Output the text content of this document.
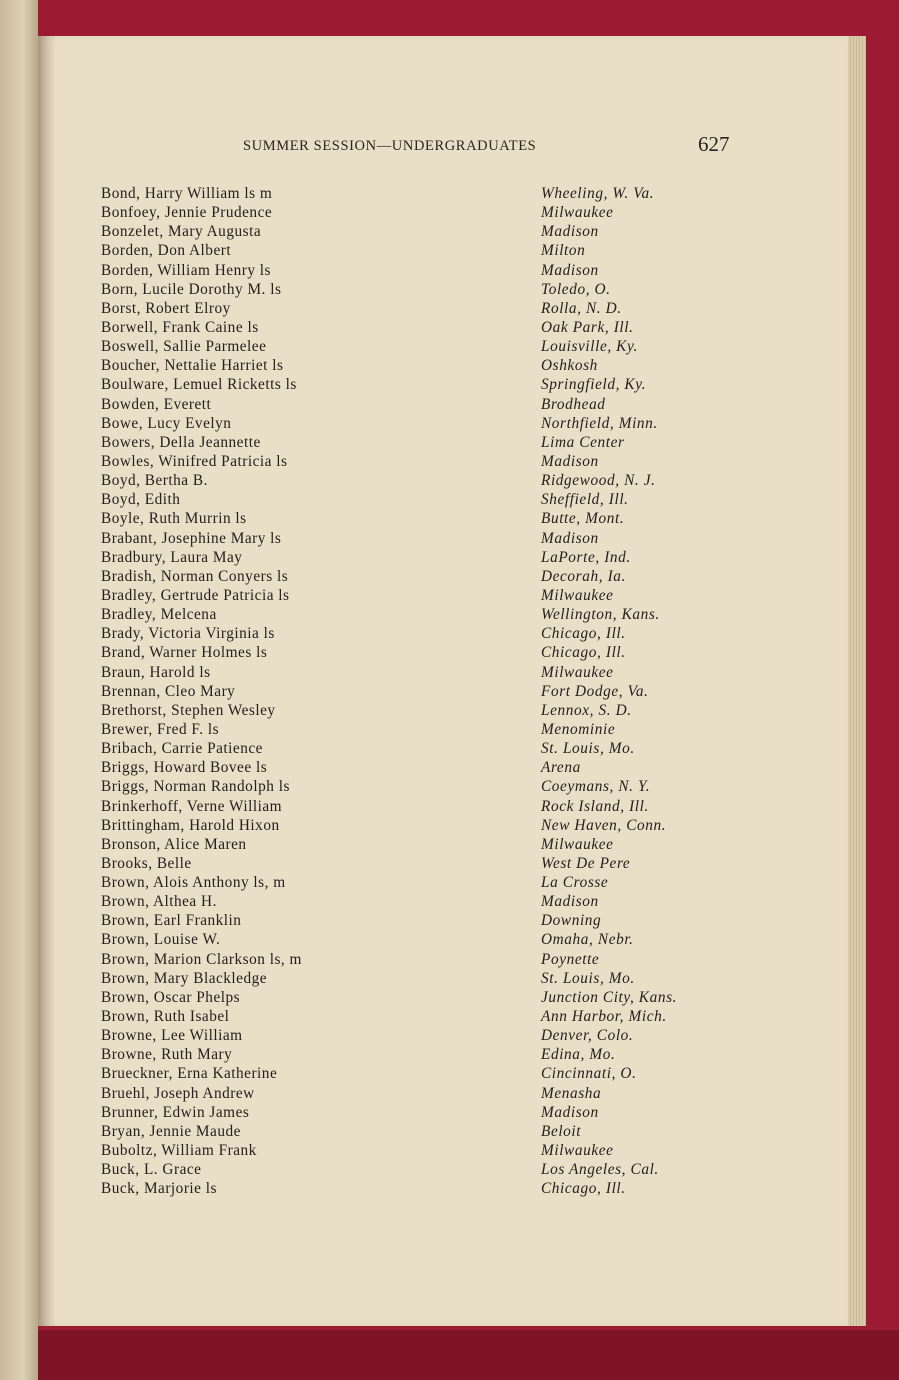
SUMMER SESSION—UNDERGRADUATES	627
Bond, Harry William ls m	Wheeling, W. Va.
Bonfoey, Jennie Prudence	Milwaukee
Bonzelet, Mary Augusta	Madison
Borden, Don Albert	Milton
Borden, William Henry ls	Madison
Born, Lucile Dorothy M. ls	Toledo, O.
Borst, Robert Elroy	Rolla, N. D.
Borwell, Frank Caine ls	Oak Park, Ill.
Boswell, Sallie Parmelee	Louisville, Ky.
Boucher, Nettalie Harriet ls	Oshkosh
Boulware, Lemuel Ricketts ls	Springfield, Ky.
Bowden, Everett	Brodhead
Bowe, Lucy Evelyn	Northfield, Minn.
Bowers, Della Jeannette	Lima Center
Bowles, Winifred Patricia ls	Madison
Boyd, Bertha B.	Ridgewood, N. J.
Boyd, Edith	Sheffield, Ill.
Boyle, Ruth Murrin ls	Butte, Mont.
Brabant, Josephine Mary ls	Madison
Bradbury, Laura May	LaPorte, Ind.
Bradish, Norman Conyers ls	Decorah, Ia.
Bradley, Gertrude Patricia ls	Milwaukee
Bradley, Melcena	Wellington, Kans.
Brady, Victoria Virginia ls	Chicago, Ill.
Brand, Warner Holmes ls	Chicago, Ill.
Braun, Harold ls	Milwaukee
Brennan, Cleo Mary	Fort Dodge, Va.
Brethorst, Stephen Wesley	Lennox, S. D.
Brewer, Fred F. ls	Menominie
Bribach, Carrie Patience	St. Louis, Mo.
Briggs, Howard Bovee ls	Arena
Briggs, Norman Randolph ls	Coeymans, N. Y.
Brinkerhoff, Verne William	Rock Island, Ill.
Brittingham, Harold Hixon	New Haven, Conn.
Bronson, Alice Maren	Milwaukee
Brooks, Belle	West De Pere
Brown, Alois Anthony ls, m	La Crosse
Brown, Althea H.	Madison
Brown, Earl Franklin	Downing
Brown, Louise W.	Omaha, Nebr.
Brown, Marion Clarkson ls, m	Poynette
Brown, Mary Blackledge	St. Louis, Mo.
Brown, Oscar Phelps	Junction City, Kans.
Brown, Ruth Isabel	Ann Harbor, Mich.
Browne, Lee William	Denver, Colo.
Browne, Ruth Mary	Edina, Mo.
Brueckner, Erna Katherine	Cincinnati, O.
Bruehl, Joseph Andrew	Menasha
Brunner, Edwin James	Madison
Bryan, Jennie Maude	Beloit
Buboltz, William Frank	Milwaukee
Buck, L. Grace	Los Angeles, Cal.
Buck, Marjorie ls	Chicago, Ill.
